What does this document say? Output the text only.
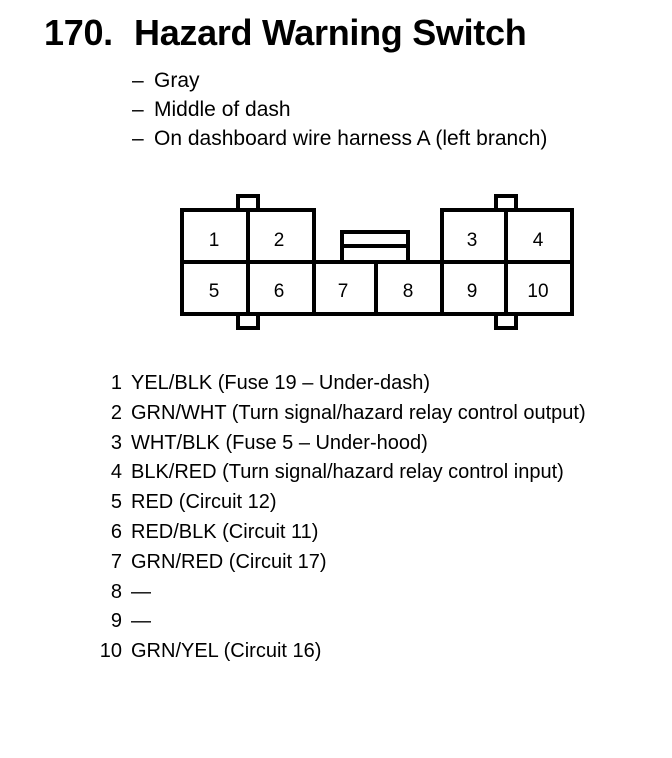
170. Hazard Warning Switch
– Gray
– Middle of dash
– On dashboard wire harness A (left branch)
1	2	3	4
5	6	7	8	9	10
1 YEL/BLK (Fuse 19 – Under-dash)
2 GRN/WHT (Turn signal/hazard relay control output)
3 WHT/BLK (Fuse 5 – Under-hood)
4 BLK/RED (Turn signal/hazard relay control input)
5 RED (Circuit 12)
6 RED/BLK (Circuit 11)
7 GRN/RED (Circuit 17)
8 —
9 —
10 GRN/YEL (Circuit 16)
